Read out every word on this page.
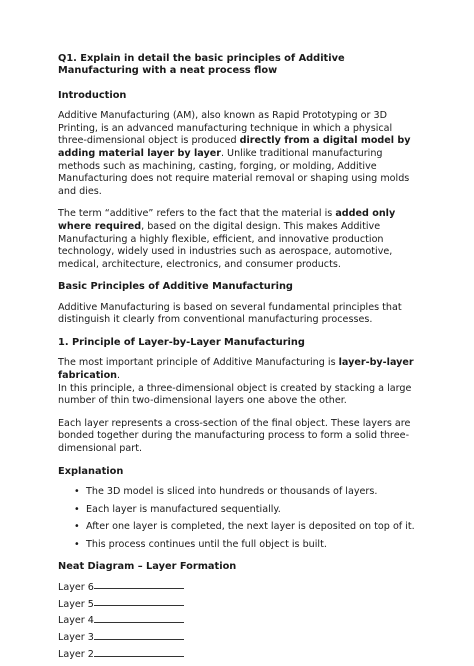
Q1. Explain in detail the basic principles of Additive Manufacturing with a neat process flow
Introduction

Additive Manufacturing (AM), also known as Rapid Prototyping or 3D Printing, is an advanced manufacturing technique in which a physical three-dimensional object is produced directly from a digital model by adding material layer by layer. Unlike traditional manufacturing methods such as machining, casting, forging, or molding, Additive Manufacturing does not require material removal or shaping using molds and dies.

The term “additive” refers to the fact that the material is added only where required, based on the digital design. This makes Additive Manufacturing a highly flexible, efficient, and innovative production technology, widely used in industries such as aerospace, automotive, medical, architecture, electronics, and consumer products.

Basic Principles of Additive Manufacturing

Additive Manufacturing is based on several fundamental principles that distinguish it clearly from conventional manufacturing processes.

1. Principle of Layer-by-Layer Manufacturing

The most important principle of Additive Manufacturing is layer-by-layer fabrication.
In this principle, a three-dimensional object is created by stacking a large number of thin two-dimensional layers one above the other.

Each layer represents a cross-section of the final object. These layers are bonded together during the manufacturing process to form a solid three-dimensional part.

Explanation
• The 3D model is sliced into hundreds or thousands of layers.
• Each layer is manufactured sequentially.
• After one layer is completed, the next layer is deposited on top of it.
• This process continues until the full object is built.
Neat Diagram – Layer Formation
Layer 6
Layer 5
Layer 4
Layer 3
Layer 2
